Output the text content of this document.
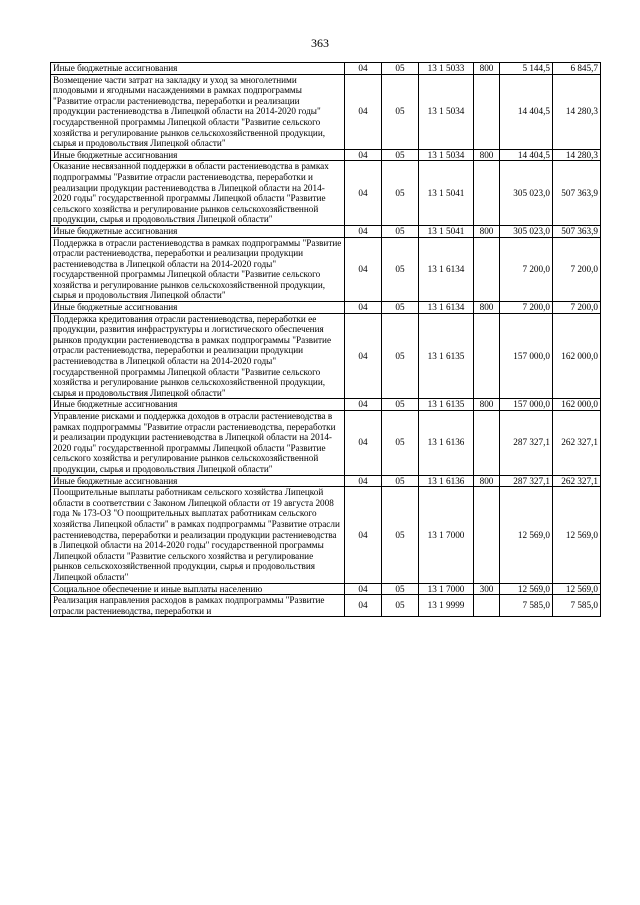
363
Иные бюджетные ассигнования	04	05	13 1 5033	800	5 144,5	6 845,7
Возмещение части затрат на закладку и уход за многолетними плодовыми и ягодными насаждениями в рамках подпрограммы "Развитие отрасли растениеводства, переработки и реализации продукции растениеводства в Липецкой области на 2014-2020 годы" государственной программы Липецкой области "Развитие сельского хозяйства и регулирование рынков сельскохозяйственной продукции, сырья и продовольствия Липецкой области"	04	05	13 1 5034		14 404,5	14 280,3
Иные бюджетные ассигнования	04	05	13 1 5034	800	14 404,5	14 280,3
Оказание несвязанной поддержки в области растениеводства в рамках подпрограммы "Развитие отрасли растениеводства, переработки и реализации продукции растениеводства в Липецкой области на 2014-2020 годы" государственной программы Липецкой области "Развитие сельского хозяйства и регулирование рынков сельскохозяйственной продукции, сырья и продовольствия Липецкой области"	04	05	13 1 5041		305 023,0	507 363,9
Иные бюджетные ассигнования	04	05	13 1 5041	800	305 023,0	507 363,9
Поддержка в отрасли растениеводства в рамках подпрограммы "Развитие отрасли растениеводства, переработки и реализации продукции растениеводства в Липецкой области на 2014-2020 годы" государственной программы Липецкой области "Развитие сельского хозяйства и регулирование рынков сельскохозяйственной продукции, сырья и продовольствия Липецкой области"	04	05	13 1 6134		7 200,0	7 200,0
Иные бюджетные ассигнования	04	05	13 1 6134	800	7 200,0	7 200,0
Поддержка кредитования отрасли растениеводства, переработки ее продукции, развития инфраструктуры и логистического обеспечения рынков продукции растениеводства в рамках подпрограммы "Развитие отрасли растениеводства, переработки и реализации продукции растениеводства в Липецкой области на 2014-2020 годы" государственной программы Липецкой области "Развитие сельского хозяйства и регулирование рынков сельскохозяйственной продукции, сырья и продовольствия Липецкой области"	04	05	13 1 6135		157 000,0	162 000,0
Иные бюджетные ассигнования	04	05	13 1 6135	800	157 000,0	162 000,0
Управление рисками и поддержка доходов в отрасли растениеводства в рамках подпрограммы "Развитие отрасли растениеводства, переработки и реализации продукции растениеводства в Липецкой области на 2014-2020 годы" государственной программы Липецкой области "Развитие сельского хозяйства и регулирование рынков сельскохозяйственной продукции, сырья и продовольствия Липецкой области"	04	05	13 1 6136		287 327,1	262 327,1
Иные бюджетные ассигнования	04	05	13 1 6136	800	287 327,1	262 327,1
Поощрительные выплаты работникам сельского хозяйства Липецкой области в соответствии с Законом Липецкой области от 19 августа 2008 года № 173-ОЗ "О поощрительных выплатах работникам сельского хозяйства Липецкой области" в рамках подпрограммы "Развитие отрасли растениеводства, переработки и реализации продукции растениеводства в Липецкой области на 2014-2020 годы" государственной программы Липецкой области "Развитие сельского хозяйства и регулирование рынков сельскохозяйственной продукции, сырья и продовольствия Липецкой области"	04	05	13 1 7000		12 569,0	12 569,0
Социальное обеспечение и иные выплаты населению	04	05	13 1 7000	300	12 569,0	12 569,0
Реализация направления расходов в рамках подпрограммы "Развитие отрасли растениеводства, переработки и	04	05	13 1 9999		7 585,0	7 585,0
